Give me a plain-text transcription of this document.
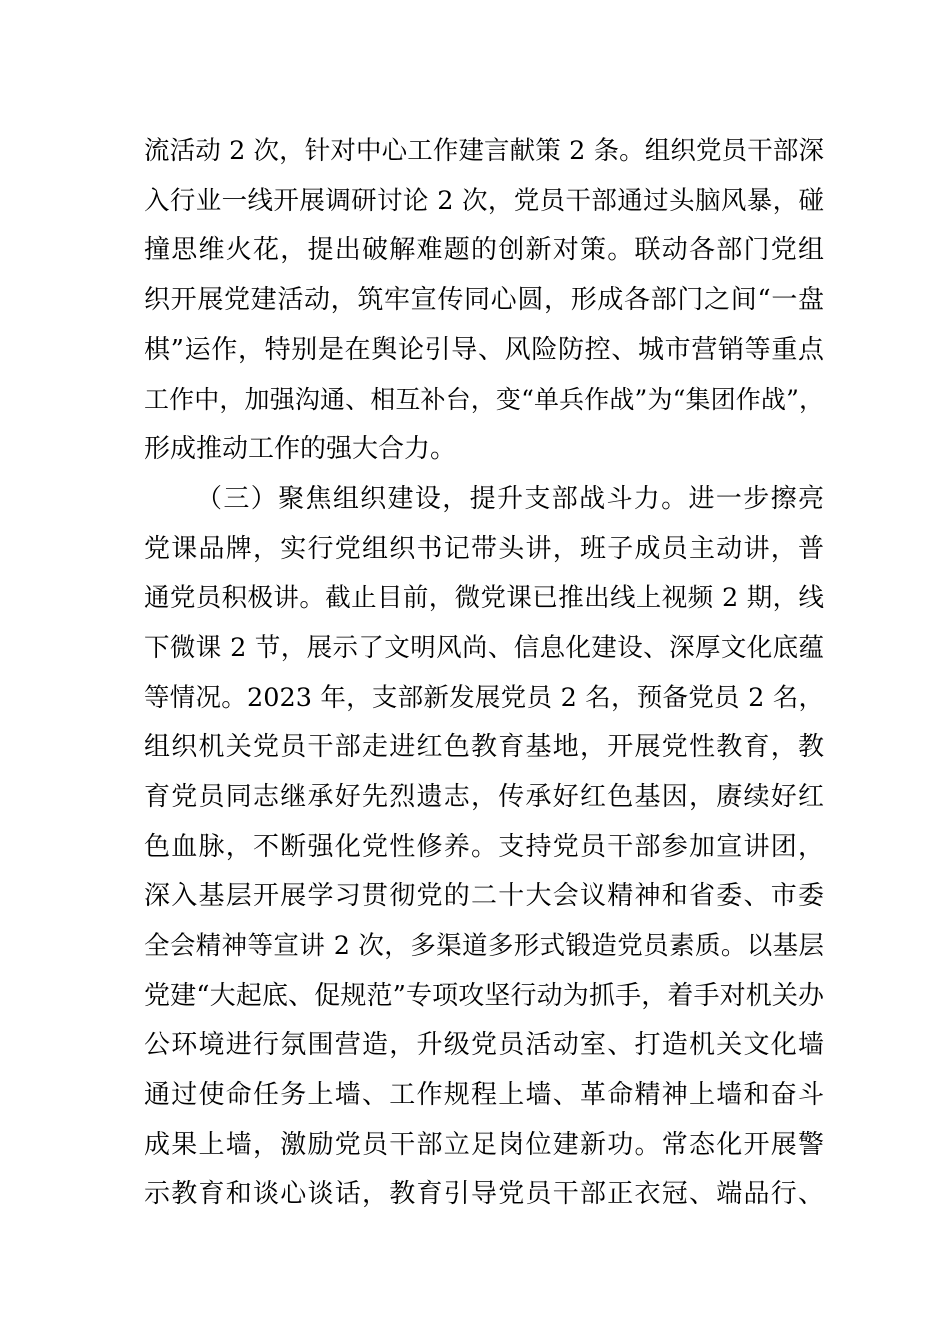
流活动 2 次，针对中心工作建言献策 2 条。组织党员干部深
入行业一线开展调研讨论 2 次，党员干部通过头脑风暴，碰
撞思维火花，提出破解难题的创新对策。联动各部门党组
织开展党建活动，筑牢宣传同心圆，形成各部门之间“一盘
棋”运作，特别是在舆论引导、风险防控、城市营销等重点
工作中，加强沟通、相互补台，变“单兵作战”为“集团作战”，
形成推动工作的强大合力。
（三）聚焦组织建设，提升支部战斗力。进一步擦亮
党课品牌，实行党组织书记带头讲，班子成员主动讲，普
通党员积极讲。截止目前，微党课已推出线上视频 2 期，线
下微课 2 节，展示了文明风尚、信息化建设、深厚文化底蕴
等情况。2023 年，支部新发展党员 2 名，预备党员 2 名，
组织机关党员干部走进红色教育基地，开展党性教育，教
育党员同志继承好先烈遗志，传承好红色基因，赓续好红
色血脉，不断强化党性修养。支持党员干部参加宣讲团，
深入基层开展学习贯彻党的二十大会议精神和省委、市委
全会精神等宣讲 2 次，多渠道多形式锻造党员素质。以基层
党建“大起底、促规范”专项攻坚行动为抓手，着手对机关办
公环境进行氛围营造，升级党员活动室、打造机关文化墙
通过使命任务上墙、工作规程上墙、革命精神上墙和奋斗
成果上墙，激励党员干部立足岗位建新功。常态化开展警
示教育和谈心谈话，教育引导党员干部正衣冠、端品行、
